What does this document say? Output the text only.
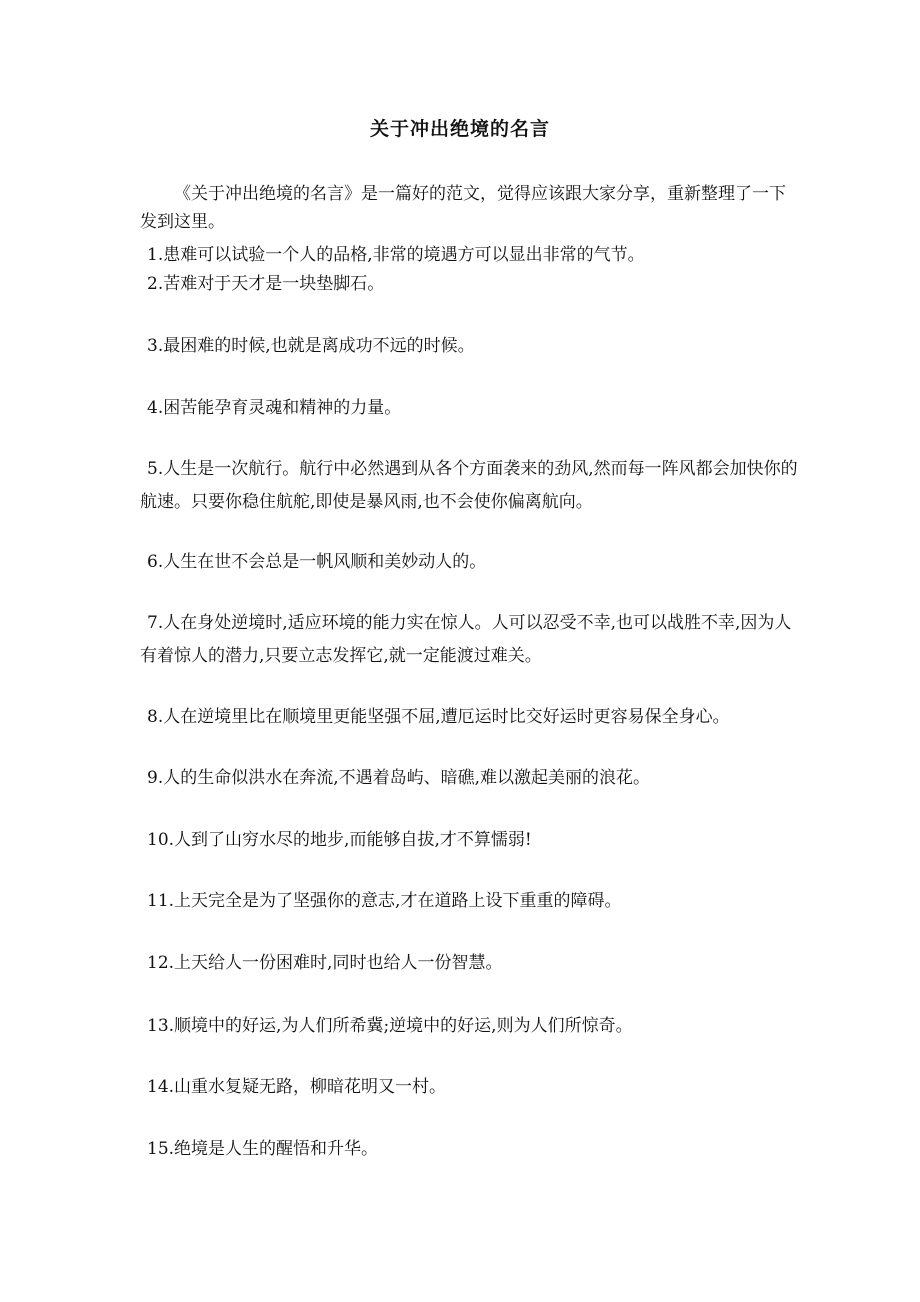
关于冲出绝境的名言
《关于冲出绝境的名言》是一篇好的范文，觉得应该跟大家分享，重新整理了一下发到这里。
1.患难可以试验一个人的品格,非常的境遇方可以显出非常的气节。
2.苦难对于天才是一块垫脚石。
3.最困难的时候,也就是离成功不远的时候。
4.困苦能孕育灵魂和精神的力量。
5.人生是一次航行。航行中必然遇到从各个方面袭来的劲风,然而每一阵风都会加快你的航速。只要你稳住航舵,即使是暴风雨,也不会使你偏离航向。
6.人生在世不会总是一帆风顺和美妙动人的。
7.人在身处逆境时,适应环境的能力实在惊人。人可以忍受不幸,也可以战胜不幸,因为人有着惊人的潜力,只要立志发挥它,就一定能渡过难关。
8.人在逆境里比在顺境里更能坚强不屈,遭厄运时比交好运时更容易保全身心。
9.人的生命似洪水在奔流,不遇着岛屿、暗礁,难以激起美丽的浪花。
10.人到了山穷水尽的地步,而能够自拔,才不算懦弱!
11.上天完全是为了坚强你的意志,才在道路上设下重重的障碍。
12.上天给人一份困难时,同时也给人一份智慧。
13.顺境中的好运,为人们所希冀;逆境中的好运,则为人们所惊奇。
14.山重水复疑无路，柳暗花明又一村。
15.绝境是人生的醒悟和升华。
